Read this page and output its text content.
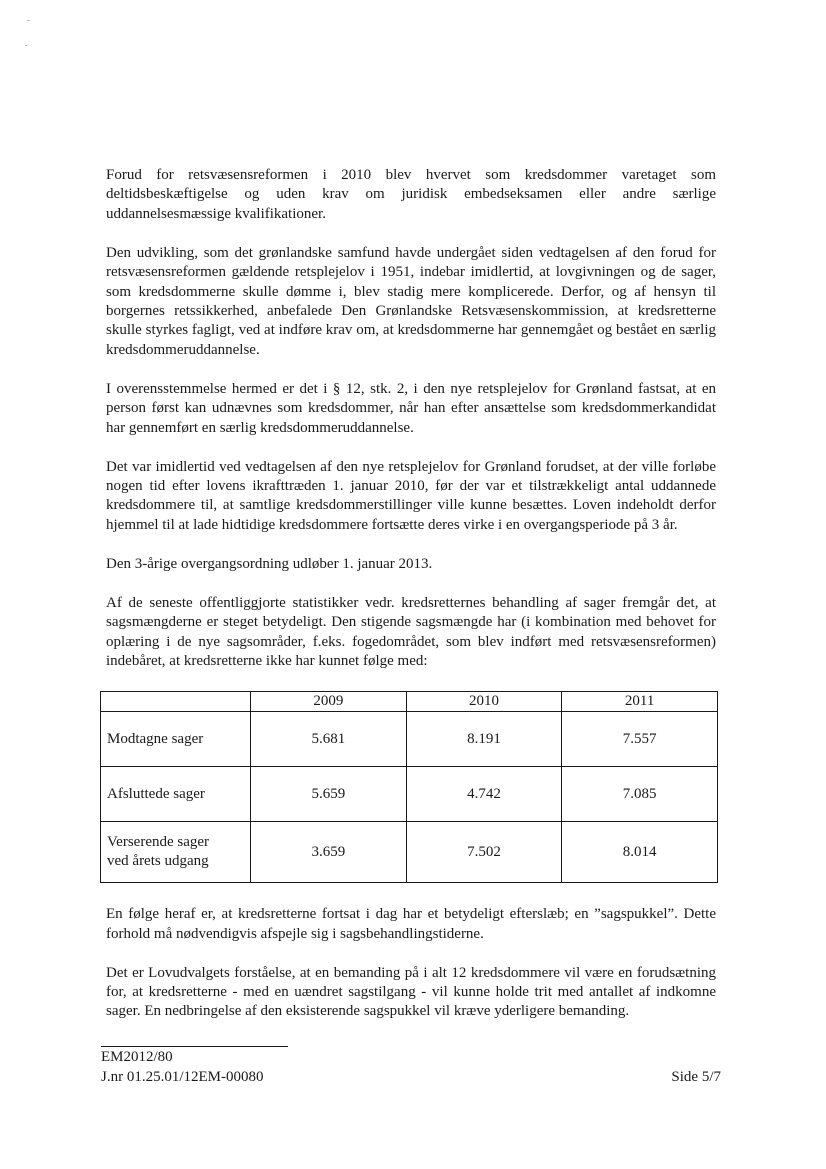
Forud for retsvæsensreformen i 2010 blev hvervet som kredsdommer varetaget som deltidsbeskæftigelse og uden krav om juridisk embedseksamen eller andre særlige uddannelsesmæssige kvalifikationer.

Den udvikling, som det grønlandske samfund havde undergået siden vedtagelsen af den forud for retsvæsensreformen gældende retsplejelov i 1951, indebar imidlertid, at lovgivningen og de sager, som kredsdommerne skulle dømme i, blev stadig mere komplicerede. Derfor, og af hensyn til borgernes retssikkerhed, anbefalede Den Grønlandske Retsvæsenskommission, at kredsretterne skulle styrkes fagligt, ved at indføre krav om, at kredsdommerne har gennemgået og bestået en særlig kredsdommeruddannelse.

I overensstemmelse hermed er det i § 12, stk. 2, i den nye retsplejelov for Grønland fastsat, at en person først kan udnævnes som kredsdommer, når han efter ansættelse som kredsdommerkandidat har gennemført en særlig kredsdommeruddannelse.

Det var imidlertid ved vedtagelsen af den nye retsplejelov for Grønland forudset, at der ville forløbe nogen tid efter lovens ikrafttræden 1. januar 2010, før der var et tilstrækkeligt antal uddannede kredsdommere til, at samtlige kredsdommerstillinger ville kunne besættes. Loven indeholdt derfor hjemmel til at lade hidtidige kredsdommere fortsætte deres virke i en overgangsperiode på 3 år.

Den 3-årige overgangsordning udløber 1. januar 2013.

Af de seneste offentliggjorte statistikker vedr. kredsretternes behandling af sager fremgår det, at sagsmængderne er steget betydeligt. Den stigende sagsmængde har (i kombination med behovet for oplæring i de nye sagsområder, f.eks. fogedområdet, som blev indført med retsvæsensreformen) indebåret, at kredsretterne ikke har kunnet følge med:

	2009	2010	2011
Modtagne sager	5.681	8.191	7.557
Afsluttede sager	5.659	4.742	7.085

Verserende sager
ved årets udgang	3.659	7.502	8.014

En følge heraf er, at kredsretterne fortsat i dag har et betydeligt efterslæb; en ”sagspukkel”. Dette forhold må nødvendigvis afspejle sig i sagsbehandlingstiderne.

Det er Lovudvalgets forståelse, at en bemanding på i alt 12 kredsdommere vil være en forudsætning for, at kredsretterne - med en uændret sagstilgang - vil kunne holde trit med antallet af indkomne sager. En nedbringelse af den eksisterende sagspukkel vil kræve yderligere bemanding.

EM2012/80
J.nr 01.25.01/12EM-00080	Side 5/7
